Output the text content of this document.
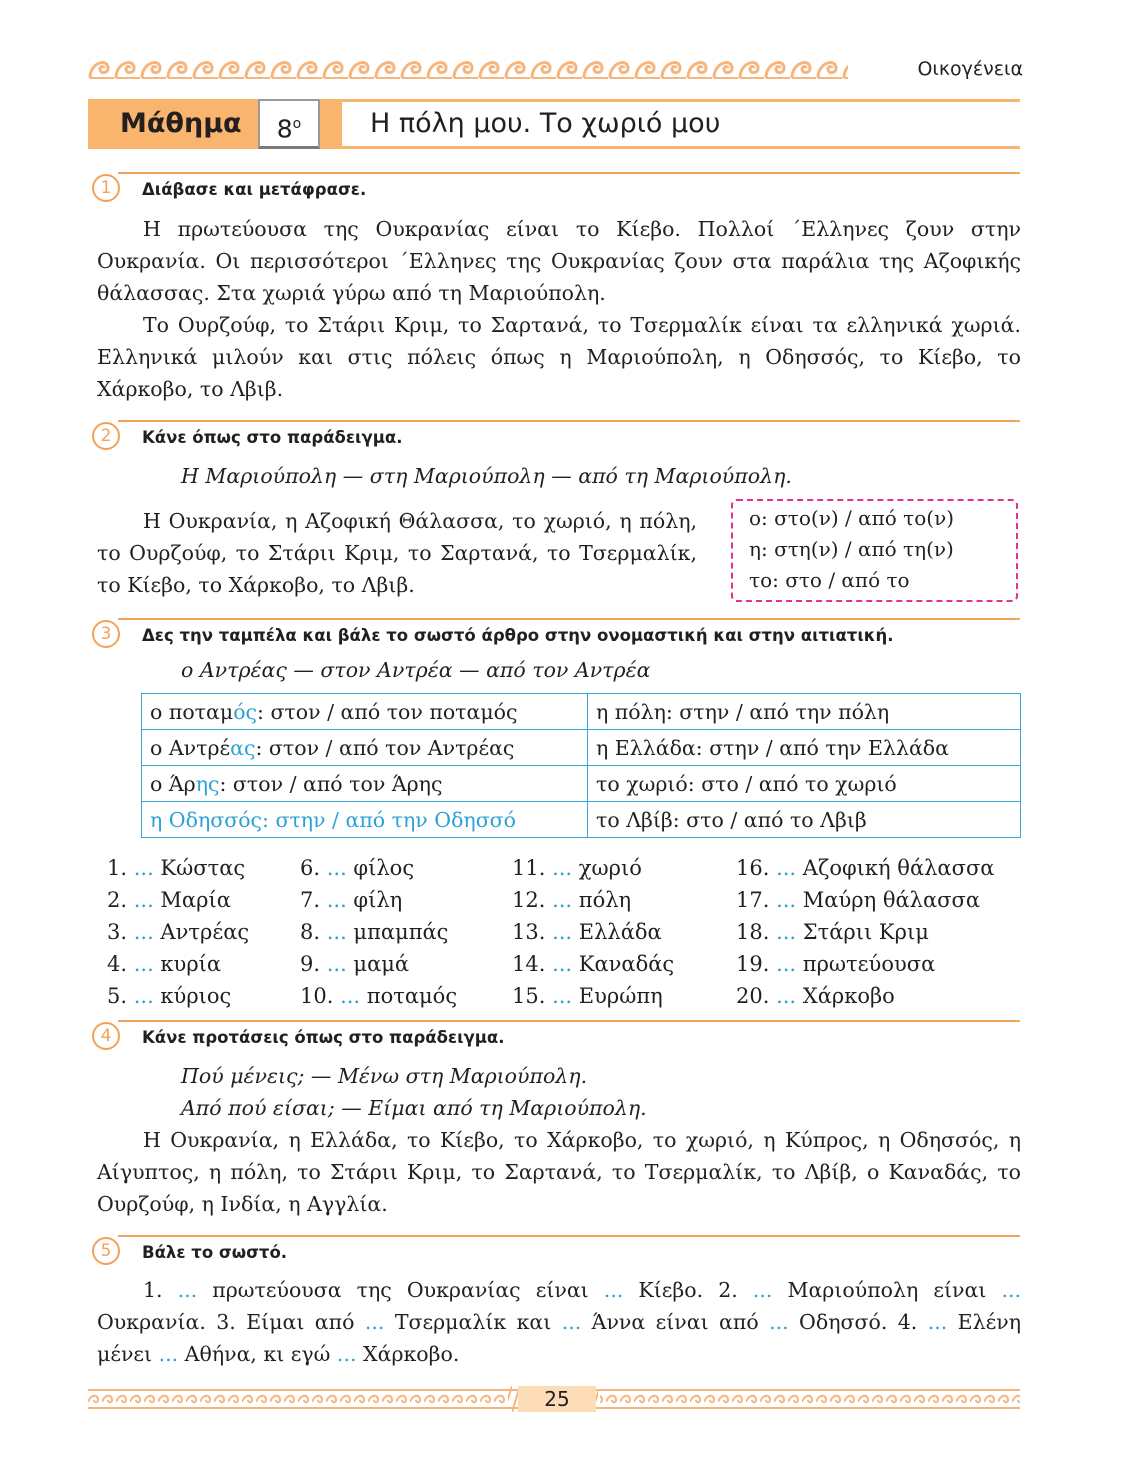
Οικογένεια
Μάθημα	$8^o$	Η πόλη μου. Το χωριό μου
1	Διάβασε και μετάφρασε.
Η πρωτεύουσα της Ουκρανίας είναι το Κίεβο. Πολλοί ΄Ελληνες ζουν στην Ουκρανία. Οι περισσότεροι ΄Ελληνες της Ουκρανίας ζουν στα παράλια της Αζοφικής θάλασσας. Στα χωριά γύρω από τη Μαριούπολη.
Το Ουρζούφ, το Στάριι Κριμ, το Σαρτανά, το Τσερμαλίκ είναι τα ελληνικά χωριά. Ελληνικά μιλούν και στις πόλεις όπως η Μαριούπολη, η Οδησσός, το Κίεβο, το Χάρκοβο, το Λβιβ.
2	Κάνε όπως στο παράδειγμα.
Η Μαριούπολη — στη Μαριούπολη — από τη Μαριούπολη.
Η Ουκρανία, η Αζοφική Θάλασσα, το χωριό, η πόλη, το Ουρζούφ, το Στάριι Κριμ, το Σαρτανά, το Τσερμαλίκ, το Κίεβο, το Χάρκοβο, το Λβιβ.
ο: στο(ν) / από το(ν)
η: στη(ν) / από τη(ν)
το: στο / από το
3	Δες την ταμπέλα και βάλε το σωστό άρθρο στην ονομαστική και στην αιτιατική.
ο Αντρέας — στον Αντρέα — από τον Αντρέα
ο ποταμός: στον / από τον ποταμός	η πόλη: στην / από την πόλη
ο Αντρέας: στον / από τον Αντρέας	η Ελλάδα: στην / από την Ελλάδα
ο Άρης: στον / από τον Άρης	το χωριό: στο / από το χωριό
η Οδησσός: στην / από την Οδησσό	το Λβίβ: στο / από το Λβιβ
1. ... Κώστας
2. ... Μαρία
3. ... Αντρέας
4. ... κυρία
5. ... κύριος
6. ... φίλος
7. ... φίλη
8. ... μπαμπάς
9. ... μαμά
10. ... ποταμός
11. ... χωριό
12. ... πόλη
13. ... Ελλάδα
14. ... Καναδάς
15. ... Ευρώπη
16. ... Αζοφική θάλασσα
17. ... Μαύρη θάλασσα
18. ... Στάριι Κριμ
19. ... πρωτεύουσα
20. ... Χάρκοβο
4	Κάνε προτάσεις όπως στο παράδειγμα.
Πού μένεις; — Μένω στη Μαριούπολη.
Από πού είσαι; — Είμαι από τη Μαριούπολη.
Η Ουκρανία, η Ελλάδα, το Κίεβο, το Χάρκοβο, το χωριό, η Κύπρος, η Οδησσός, η Αίγυπτος, η πόλη, το Στάριι Κριμ, το Σαρτανά, το Τσερμαλίκ, το Λβίβ, ο Καναδάς, το Ουρζούφ, η Ινδία, η Αγγλία.
5	Βάλε το σωστό.
1. ... πρωτεύουσα της Ουκρανίας είναι ... Κίεβο. 2. ... Μαριούπολη είναι ... Ουκρανία. 3. Είμαι από ... Τσερμαλίκ και ... Άννα είναι από ... Οδησσό. 4. ... Ελένη μένει ... Αθήνα, κι εγώ ... Χάρκοβο.
25
